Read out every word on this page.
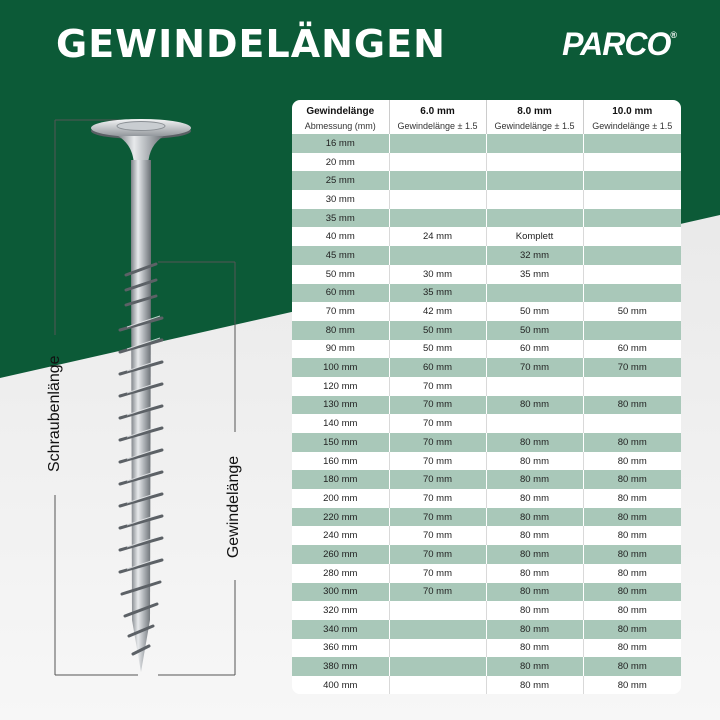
GEWINDELÄNGEN	PARCO®
Schraubenlänge
Gewindelänge
Gewindelänge	6.0 mm	8.0 mm	10.0 mm
Abmessung (mm)	Gewindelänge ± 1.5	Gewindelänge ± 1.5	Gewindelänge ± 1.5
16 mm			
20 mm			
25 mm			
30 mm			
35 mm			
40 mm	24 mm	Komplett	
45 mm		32 mm	
50 mm	30 mm	35 mm	
60 mm	35 mm		
70 mm	42 mm	50 mm	50 mm
80 mm	50 mm	50 mm	
90 mm	50 mm	60 mm	60 mm
100 mm	60 mm	70 mm	70 mm
120 mm	70 mm		
130 mm	70 mm	80 mm	80 mm
140 mm	70 mm		
150 mm	70 mm	80 mm	80 mm
160 mm	70 mm	80 mm	80 mm
180 mm	70 mm	80 mm	80 mm
200 mm	70 mm	80 mm	80 mm
220 mm	70 mm	80 mm	80 mm
240 mm	70 mm	80 mm	80 mm
260 mm	70 mm	80 mm	80 mm
280 mm	70 mm	80 mm	80 mm
300 mm	70 mm	80 mm	80 mm
320 mm		80 mm	80 mm
340 mm		80 mm	80 mm
360 mm		80 mm	80 mm
380 mm		80 mm	80 mm
400 mm		80 mm	80 mm
